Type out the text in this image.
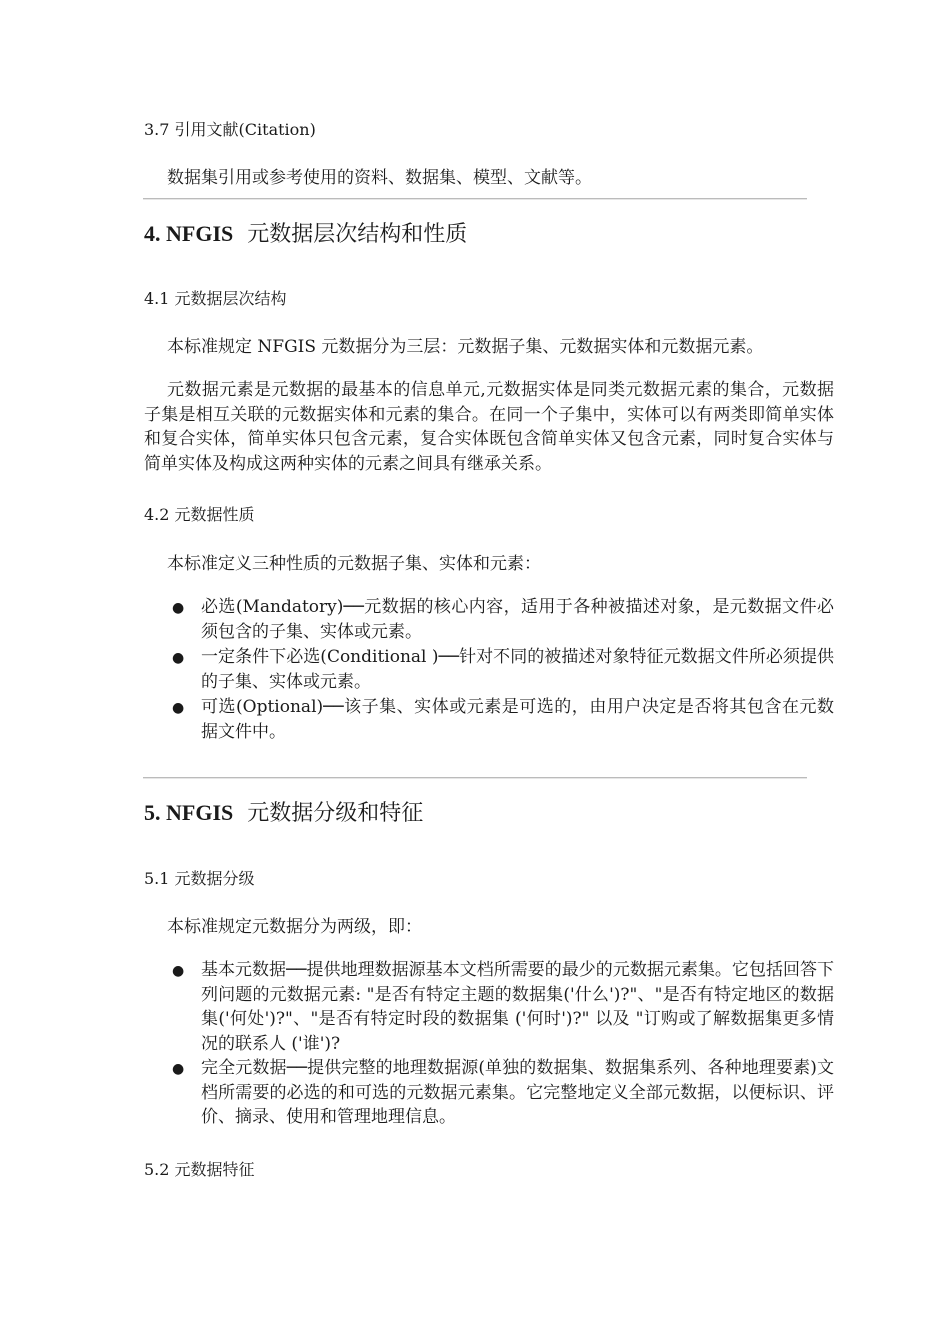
3.7 引用文献(Citation)
数据集引用或参考使用的资料、数据集、模型、文献等。
4. NFGIS 元数据层次结构和性质
4.1 元数据层次结构
本标准规定 NFGIS 元数据分为三层：元数据子集、元数据实体和元数据元素。
元数据元素是元数据的最基本的信息单元,元数据实体是同类元数据元素的集合，元数据子集是相互关联的元数据实体和元素的集合。在同一个子集中，实体可以有两类即简单实体和复合实体，简单实体只包含元素，复合实体既包含简单实体又包含元素，同时复合实体与简单实体及构成这两种实体的元素之间具有继承关系。
4.2 元数据性质
本标准定义三种性质的元数据子集、实体和元素：
● 必选(Mandatory)──元数据的核心内容，适用于各种被描述对象，是元数据文件必须包含的子集、实体或元素。
● 一定条件下必选(Conditional )──针对不同的被描述对象特征元数据文件所必须提供的子集、实体或元素。
● 可选(Optional)──该子集、实体或元素是可选的，由用户决定是否将其包含在元数据文件中。
5. NFGIS 元数据分级和特征
5.1 元数据分级
本标准规定元数据分为两级，即：
● 基本元数据──提供地理数据源基本文档所需要的最少的元数据元素集。它包括回答下列问题的元数据元素: "是否有特定主题的数据集('什么')?"、"是否有特定地区的数据集('何处')?"、"是否有特定时段的数据集 ('何时')?" 以及 "订购或了解数据集更多情况的联系人 ('谁')?
● 完全元数据──提供完整的地理数据源(单独的数据集、数据集系列、各种地理要素)文档所需要的必选的和可选的元数据元素集。它完整地定义全部元数据，以便标识、评价、摘录、使用和管理地理信息。
5.2 元数据特征
